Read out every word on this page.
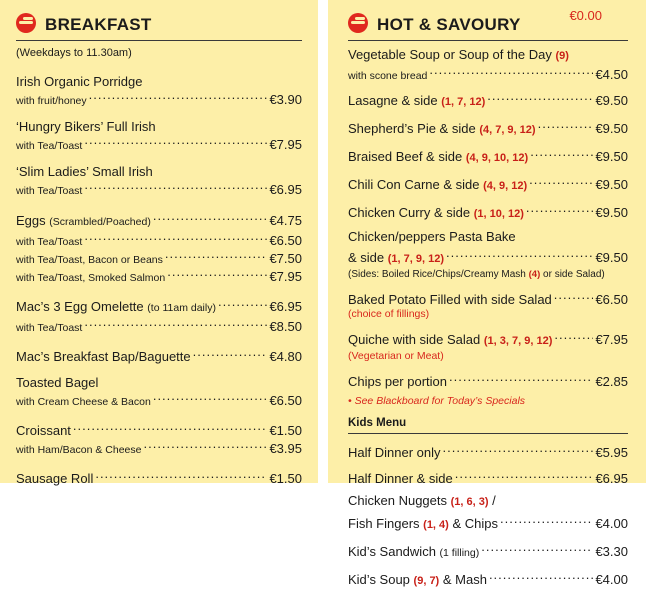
BREAKFAST
(Weekdays to 11.30am)
Irish Organic Porridge
with fruit/honey .....	€3.90
‘Hungry Bikers’ Full Irish
with Tea/Toast .....	€7.95
‘Slim Ladies’ Small Irish
with Tea/Toast .....	€6.95
Eggs (Scrambled/Poached) .....	€4.75
with Tea/Toast .....	€6.50
with Tea/Toast, Bacon or Beans .....	€7.50
with Tea/Toast, Smoked Salmon .....	€7.95
Mac’s 3 Egg Omelette (to 11am daily) .....	€6.95
with Tea/Toast .....	€8.50
Mac’s Breakfast Bap/Baguette .....	€4.80
Toasted Bagel
with Cream Cheese & Bacon .....	€6.50
Croissant .....	€1.50
with Ham/Bacon & Cheese .....	€3.95
Sausage Roll .....	€1.50
HOT & SAVOURY	€0.00
Vegetable Soup or Soup of the Day (9)
with scone bread .....	€4.50
Lasagne & side (1, 7, 12) .....	€9.50
Shepherd’s Pie & side (4, 7, 9, 12) .....	€9.50
Braised Beef & side (4, 9, 10, 12) .....	€9.50
Chili Con Carne & side (4, 9, 12) .....	€9.50
Chicken Curry & side (1, 10, 12) .....	€9.50
Chicken/peppers Pasta Bake
& side (1, 7, 9, 12) .....	€9.50
(Sides: Boiled Rice/Chips/Creamy Mash (4) or side Salad)
Baked Potato Filled with side Salad .....	€6.50
(choice of fillings)
Quiche with side Salad (1, 3, 7, 9, 12) .....	€7.95
(Vegetarian or Meat)
Chips per portion .....	€2.85
• See Blackboard for Today’s Specials
Kids Menu
Half Dinner only .....	€5.95
Half Dinner & side .....	€6.95
Chicken Nuggets (1, 6, 3) /
Fish Fingers (1, 4) & Chips .....	€4.00
Kid’s Sandwich (1 filling) .....	€3.30
Kid’s Soup (9, 7) & Mash .....	€4.00
